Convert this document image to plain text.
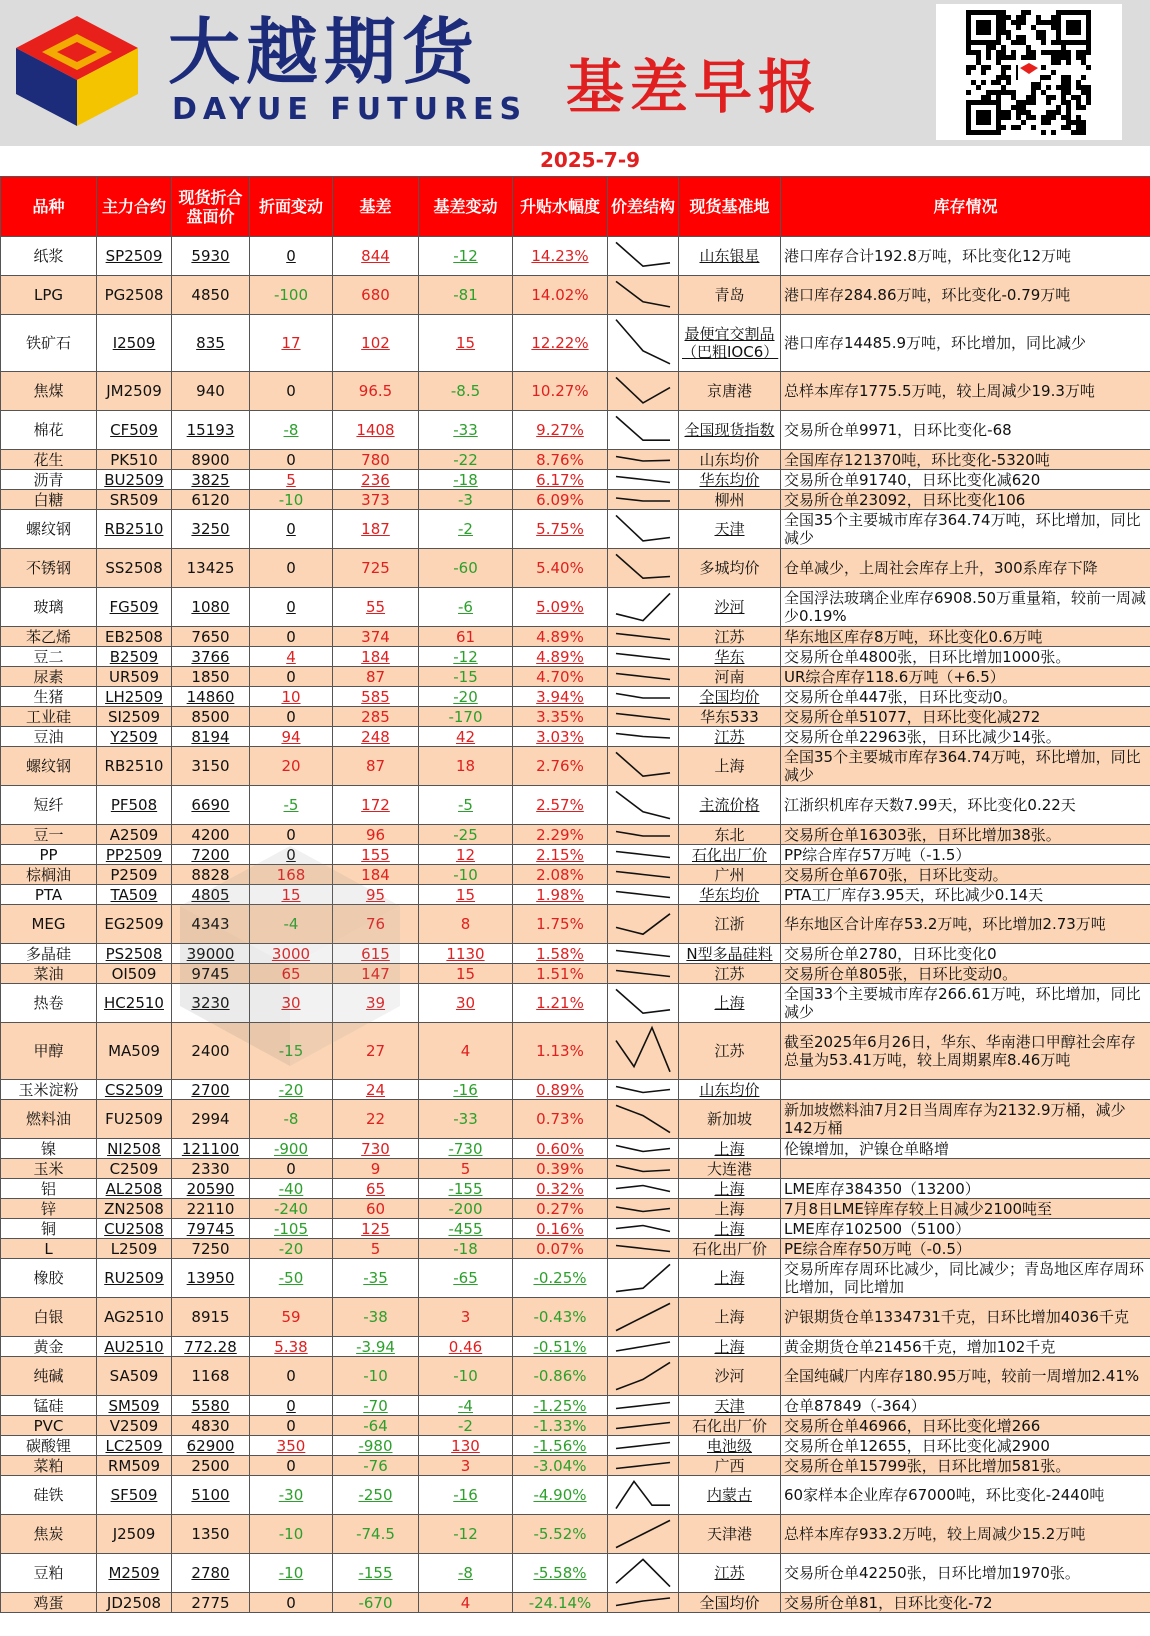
大越期货
DAYUE FUTURES 基差早报
2025-7-9
品种	主力合约	现货折合盘面价	折面变动	基差	基差变动	升贴水幅度	价差结构	现货基准地	库存情况
纸浆	SP2509	5930	0	844	-12	14.23%		山东银星	港口库存合计192.8万吨，环比变化12万吨
LPG	PG2508	4850	-100	680	-81	14.02%		青岛	港口库存284.86万吨，环比变化-0.79万吨
铁矿石	I2509	835	17	102	15	12.22%		最便宜交割品（巴粗IOC6）	港口库存14485.9万吨，环比增加，同比减少
焦煤	JM2509	940	0	96.5	-8.5	10.27%		京唐港	总样本库存1775.5万吨，较上周减少19.3万吨
棉花	CF509	15193	-8	1408	-33	9.27%		全国现货指数	交易所仓单9971，日环比变化-68
花生	PK510	8900	0	780	-22	8.76%		山东均价	全国库存121370吨，环比变化-5320吨
沥青	BU2509	3825	5	236	-18	6.17%		华东均价	交易所仓单91740，日环比变化减620
白糖	SR509	6120	-10	373	-3	6.09%		柳州	交易所仓单23092，日环比变化106
螺纹钢	RB2510	3250	0	187	-2	5.75%		天津	全国35个主要城市库存364.74万吨，环比增加，同比减少
不锈钢	SS2508	13425	0	725	-60	5.40%		多城均价	仓单减少，上周社会库存上升，300系库存下降
玻璃	FG509	1080	0	55	-6	5.09%		沙河	全国浮法玻璃企业库存6908.50万重量箱，较前一周减少0.19%
苯乙烯	EB2508	7650	0	374	61	4.89%		江苏	华东地区库存8万吨，环比变化0.6万吨
豆二	B2509	3766	4	184	-12	4.89%		华东	交易所仓单4800张，日环比增加1000张。
尿素	UR509	1850	0	87	-15	4.70%		河南	UR综合库存118.6万吨（+6.5）
生猪	LH2509	14860	10	585	-20	3.94%		全国均价	交易所仓单447张，日环比变动0。
工业硅	SI2509	8500	0	285	-170	3.35%		华东533	交易所仓单51077，日环比变化减272
豆油	Y2509	8194	94	248	42	3.03%		江苏	交易所仓单22963张，日环比减少14张。
螺纹钢	RB2510	3150	20	87	18	2.76%		上海	全国35个主要城市库存364.74万吨，环比增加，同比减少
短纤	PF508	6690	-5	172	-5	2.57%		主流价格	江浙织机库存天数7.99天，环比变化0.22天
豆一	A2509	4200	0	96	-25	2.29%		东北	交易所仓单16303张，日环比增加38张。
PP	PP2509	7200	0	155	12	2.15%		石化出厂价	PP综合库存57万吨（-1.5）
棕榈油	P2509	8828	168	184	-10	2.08%		广州	交易所仓单670张，日环比变动。
PTA	TA509	4805	15	95	15	1.98%		华东均价	PTA工厂库存3.95天，环比减少0.14天
MEG	EG2509	4343	-4	76	8	1.75%		江浙	华东地区合计库存53.2万吨，环比增加2.73万吨
多晶硅	PS2508	39000	3000	615	1130	1.58%		N型多晶硅料	交易所仓单2780，日环比变化0
菜油	OI509	9745	65	147	15	1.51%		江苏	交易所仓单805张，日环比变动0。
热卷	HC2510	3230	30	39	30	1.21%		上海	全国33个主要城市库存266.61万吨，环比增加，同比减少
甲醇	MA509	2400	-15	27	4	1.13%		江苏	截至2025年6月26日，华东、华南港口甲醇社会库存总量为53.41万吨，较上周期累库8.46万吨
玉米淀粉	CS2509	2700	-20	24	-16	0.89%		山东均价	
燃料油	FU2509	2994	-8	22	-33	0.73%		新加坡	新加坡燃料油7月2日当周库存为2132.9万桶，减少142万桶
镍	NI2508	121100	-900	730	-730	0.60%		上海	伦镍增加，沪镍仓单略增
玉米	C2509	2330	0	9	5	0.39%		大连港	
铝	AL2508	20590	-40	65	-155	0.32%		上海	LME库存384350（13200）
锌	ZN2508	22110	-240	60	-200	0.27%		上海	7月8日LME锌库存较上日减少2100吨至
铜	CU2508	79745	-105	125	-455	0.16%		上海	LME库存102500（5100）
L	L2509	7250	-20	5	-18	0.07%		石化出厂价	PE综合库存50万吨（-0.5）
橡胶	RU2509	13950	-50	-35	-65	-0.25%		上海	交易所库存周环比减少，同比减少；青岛地区库存周环比增加，同比增加
白银	AG2510	8915	59	-38	3	-0.43%		上海	沪银期货仓单1334731千克，日环比增加4036千克
黄金	AU2510	772.28	5.38	-3.94	0.46	-0.51%		上海	黄金期货仓单21456千克，增加102千克
纯碱	SA509	1168	0	-10	-10	-0.86%		沙河	全国纯碱厂内库存180.95万吨，较前一周增加2.41%
锰硅	SM509	5580	0	-70	-4	-1.25%		天津	仓单87849（-364）
PVC	V2509	4830	0	-64	-2	-1.33%		石化出厂价	交易所仓单46966，日环比变化增266
碳酸锂	LC2509	62900	350	-980	130	-1.56%		电池级	交易所仓单12655，日环比变化减2900
菜粕	RM509	2500	0	-76	3	-3.04%		广西	交易所仓单15799张，日环比增加581张。
硅铁	SF509	5100	-30	-250	-16	-4.90%		内蒙古	60家样本企业库存67000吨，环比变化-2440吨
焦炭	J2509	1350	-10	-74.5	-12	-5.52%		天津港	总样本库存933.2万吨，较上周减少15.2万吨
豆粕	M2509	2780	-10	-155	-8	-5.58%		江苏	交易所仓单42250张，日环比增加1970张。
鸡蛋	JD2508	2775	0	-670	4	-24.14%		全国均价	交易所仓单81，日环比变化-72
